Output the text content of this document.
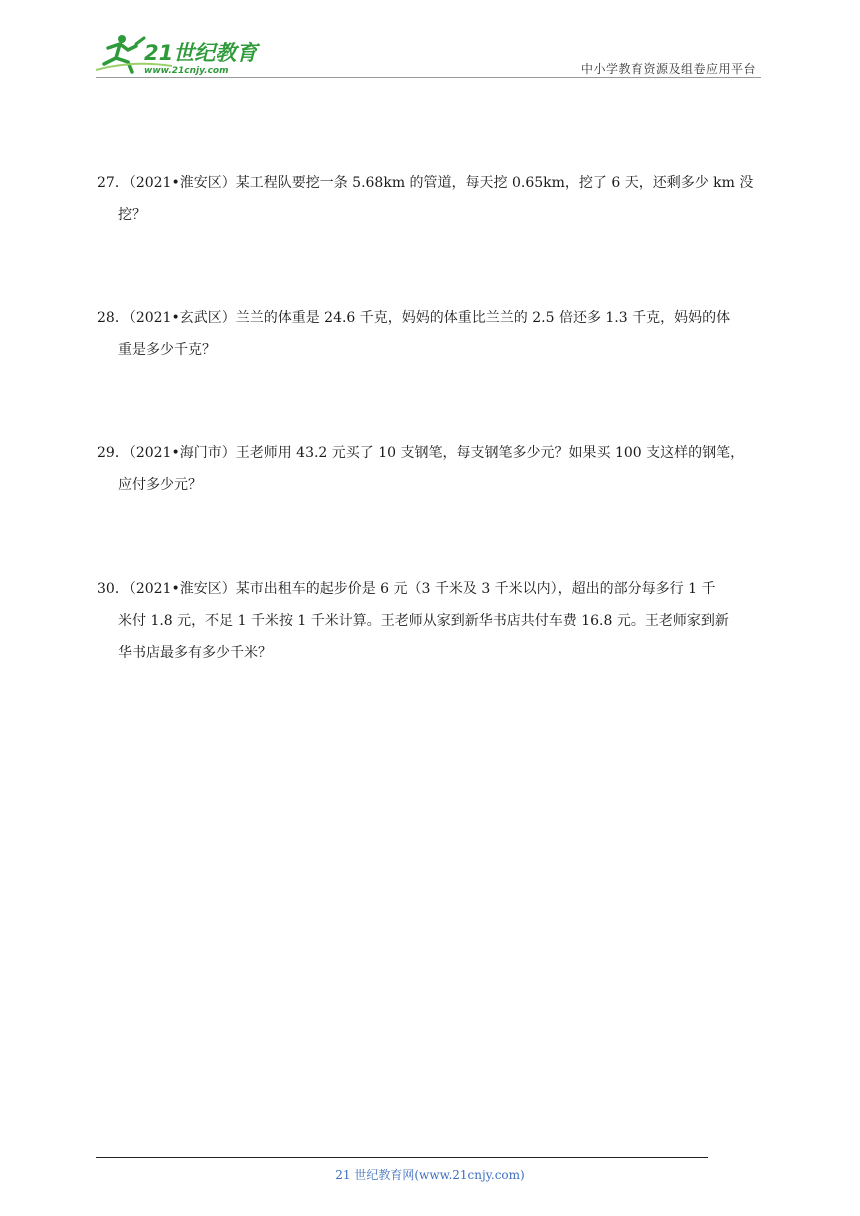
21世纪教育
www.21cnjy.com	中小学教育资源及组卷应用平台
27．（2021•淮安区）某工程队要挖一条 5.68km 的管道，每天挖 0.65km，挖了 6 天，还剩多少 km 没
挖？
28．（2021•玄武区）兰兰的体重是 24.6 千克，妈妈的体重比兰兰的 2.5 倍还多 1.3 千克，妈妈的体
重是多少千克？
29．（2021•海门市）王老师用 43.2 元买了 10 支钢笔，每支钢笔多少元？如果买 100 支这样的钢笔，
应付多少元？
30．（2021•淮安区）某市出租车的起步价是 6 元（3 千米及 3 千米以内），超出的部分每多行 1 千
米付 1.8 元，不足 1 千米按 1 千米计算。王老师从家到新华书店共付车费 16.8 元。王老师家到新
华书店最多有多少千米？
21 世纪教育网(www.21cnjy.com)
